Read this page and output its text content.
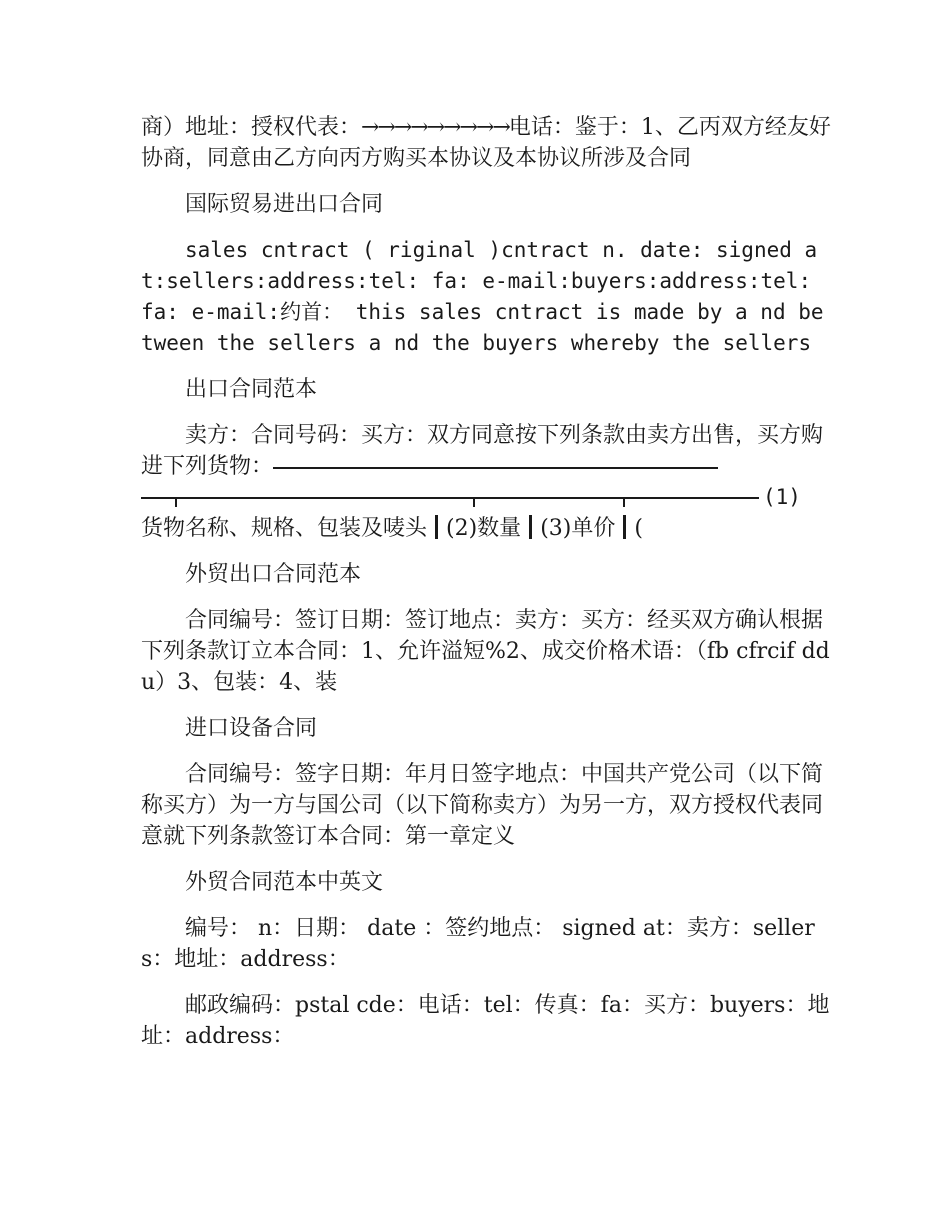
商）地址：授权代表：→→→→→→→→→电话：鉴于：1、乙丙双方经友好协商，同意由乙方向丙方购买本协议及本协议所涉及合同

国际贸易进出口合同

sales cntract ( riginal )cntract n. date: signed at:sellers:address:tel: fa: e-mail:buyers:address:tel: fa: e-mail:约首： this sales cntract is made by a nd between the sellers a nd the buyers whereby the sellers

出口合同范本

卖方：合同号码：买方：双方同意按下列条款由卖方出售，买方购进下列货物：
(1)

货物名称、规格、包装及唛头 (2)数量 (3)单价 (

外贸出口合同范本

合同编号：签订日期：签订地点：卖方：买方：经买双方确认根据下列条款订立本合同：1、允许溢短%2、成交价格术语：（fb cfrcif ddu）3、包装：4、装

进口设备合同

合同编号：签字日期：年月日签字地点：中国共产党公司（以下简称买方）为一方与国公司（以下简称卖方）为另一方，双方授权代表同意就下列条款签订本合同：第一章定义

外贸合同范本中英文

编号： n：日期： date ：签约地点： signed at：卖方：sellers：地址：address：

邮政编码：pstal cde：电话：tel：传真：fa：买方：buyers：地址：address：
